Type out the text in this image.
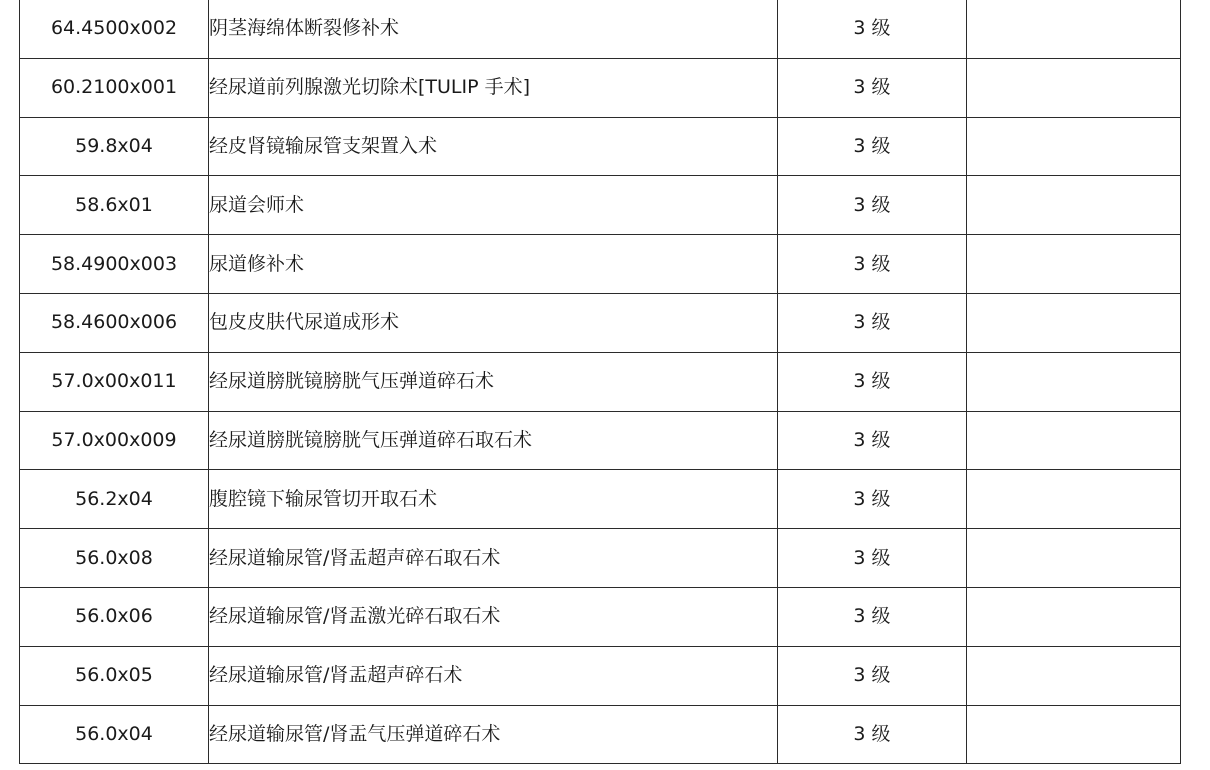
64.4500x002	阴茎海绵体断裂修补术	3 级	
60.2100x001	经尿道前列腺激光切除术[TULIP 手术]	3 级	
59.8x04	经皮肾镜输尿管支架置入术	3 级	
58.6x01	尿道会师术	3 级	
58.4900x003	尿道修补术	3 级	
58.4600x006	包皮皮肤代尿道成形术	3 级	
57.0x00x011	经尿道膀胱镜膀胱气压弹道碎石术	3 级	
57.0x00x009	经尿道膀胱镜膀胱气压弹道碎石取石术	3 级	
56.2x04	腹腔镜下输尿管切开取石术	3 级	
56.0x08	经尿道输尿管/肾盂超声碎石取石术	3 级	
56.0x06	经尿道输尿管/肾盂激光碎石取石术	3 级	
56.0x05	经尿道输尿管/肾盂超声碎石术	3 级	
56.0x04	经尿道输尿管/肾盂气压弹道碎石术	3 级	
